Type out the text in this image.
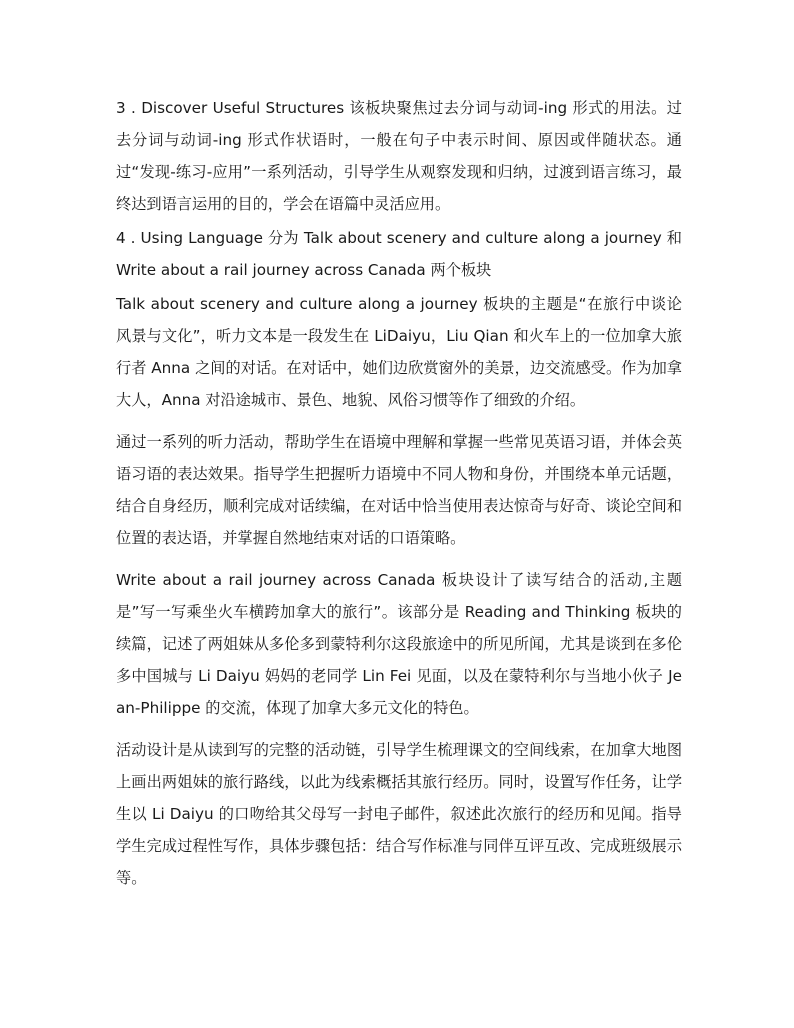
3 . Discover Useful Structures 该板块聚焦过去分词与动词-ing 形式的用法。过去分词与动词-ing 形式作状语时，一般在句子中表示时间、原因或伴随状态。通过“发现-练习-应用”一系列活动，引导学生从观察发现和归纳，过渡到语言练习，最终达到语言运用的目的，学会在语篇中灵活应用。

4 . Using Language 分为 Talk about scenery and culture along a journey 和 Write about a rail journey across Canada 两个板块

Talk about scenery and culture along a journey 板块的主题是“在旅行中谈论风景与文化”，听力文本是一段发生在 LiDaiyu，Liu Qian 和火车上的一位加拿大旅行者 Anna 之间的对话。在对话中，她们边欣赏窗外的美景，边交流感受。作为加拿大人，Anna 对沿途城市、景色、地貌、风俗习惯等作了细致的介绍。

通过一系列的听力活动，帮助学生在语境中理解和掌握一些常见英语习语，并体会英语习语的表达效果。指导学生把握听力语境中不同人物和身份，并围绕本单元话题，结合自身经历，顺利完成对话续编，在对话中恰当使用表达惊奇与好奇、谈论空间和位置的表达语，并掌握自然地结束对话的口语策略。

Write about a rail journey across Canada 板块设计了读写结合的活动,主题是”写一写乘坐火车横跨加拿大的旅行”。该部分是 Reading and Thinking 板块的续篇，记述了两姐妹从多伦多到蒙特利尔这段旅途中的所见所闻，尤其是谈到在多伦多中国城与 Li Daiyu 妈妈的老同学 Lin Fei 见面，以及在蒙特利尔与当地小伙子 Jean-Philippe 的交流，体现了加拿大多元文化的特色。

活动设计是从读到写的完整的活动链，引导学生梳理课文的空间线索，在加拿大地图上画出两姐妹的旅行路线，以此为线索概括其旅行经历。同时，设置写作任务，让学生以 Li Daiyu 的口吻给其父母写一封电子邮件，叙述此次旅行的经历和见闻。指导学生完成过程性写作，具体步骤包括：结合写作标准与同伴互评互改、完成班级展示等。
